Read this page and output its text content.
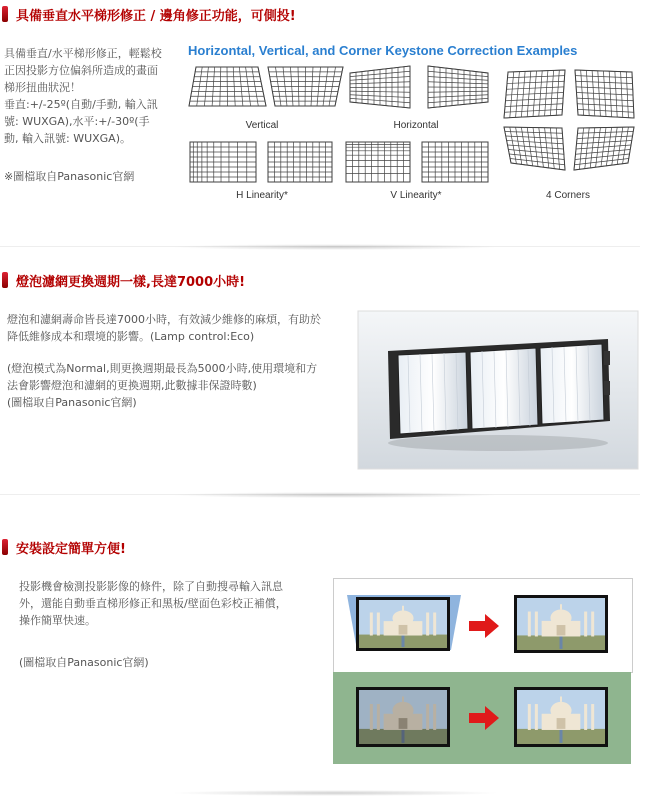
具備垂直水平梯形修正 / 邊角修正功能，可側投!

具備垂直/水平梯形修正，輕鬆校
正因投影方位偏斜所造成的畫面
梯形扭曲狀況！
垂直:+/-25º(自動/手動, 輸入訊
號: WUXGA),水平:+/-30º(手
動, 輸入訊號: WUXGA)。

※圖檔取自Panasonic官網

Horizontal, Vertical, and Corner Keystone Correction Examples
Vertical	Horizontal
H Linearity*	V Linearity*	4 Corners
燈泡濾網更換週期一樣,長達7000小時!

燈泡和濾網壽命皆長達7000小時，有效減少維修的麻煩，有助於
降低維修成本和環境的影響。(Lamp control:Eco)

(燈泡模式為Normal,則更換週期最長為5000小時,使用環境和方
法會影響燈泡和濾網的更換週期,此數據非保證時數)
(圖檔取自Panasonic官網)

安裝設定簡單方便!

投影機會檢測投影影像的條件，除了自動搜尋輸入訊息
外，還能自動垂直梯形修正和黑板/壁面色彩校正補償，
操作簡單快速。

(圖檔取自Panasonic官網)
